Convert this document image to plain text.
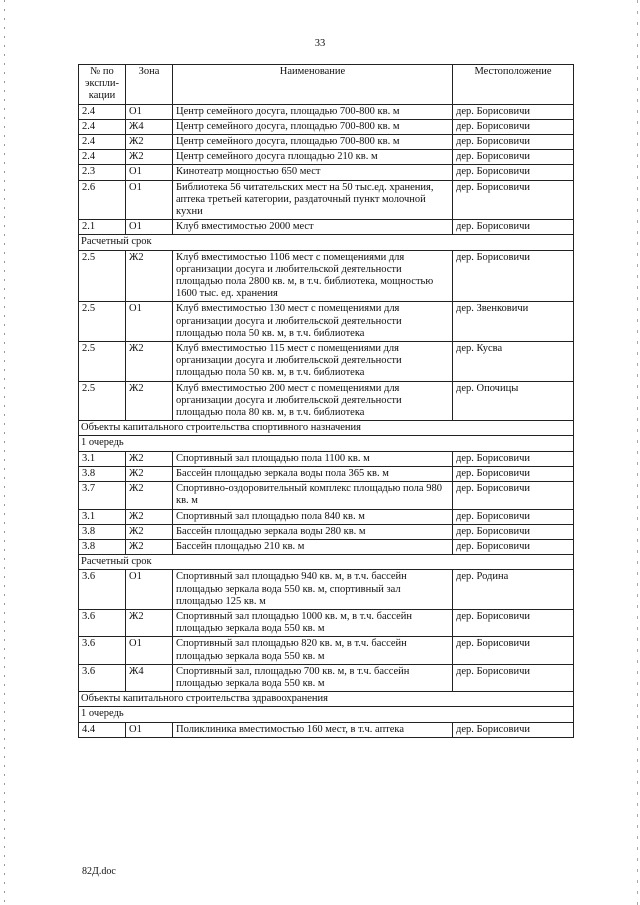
33
№ по экспли-кации	Зона	Наименование	Местоположение
2.4	О1	Центр семейного досуга, площадью 700-800 кв. м	дер. Борисовичи
2.4	Ж4	Центр семейного досуга, площадью 700-800 кв. м	дер. Борисовичи
2.4	Ж2	Центр семейного досуга, площадью 700-800 кв. м	дер. Борисовичи
2.4	Ж2	Центр семейного досуга площадью 210 кв. м	дер. Борисовичи
2.3	О1	Кинотеатр мощностью 650 мест	дер. Борисовичи
2.6	О1	Библиотека 56 читательских мест на 50 тыс.ед. хранения, аптека третьей категории, раздаточный пункт молочной кухни	дер. Борисовичи
2.1	О1	Клуб вместимостью 2000 мест	дер. Борисовичи
Расчетный срок			
2.5	Ж2	Клуб вместимостью 1106 мест с помещениями для организации досуга и любительской деятельности площадью пола 2800 кв. м, в т.ч. библиотека, мощностью 1600 тыс. ед. хранения	дер. Борисовичи
2.5	О1	Клуб вместимостью 130 мест с помещениями для организации досуга и любительской деятельности площадью пола 50 кв. м, в т.ч. библиотека	дер. Звенковичи
2.5	Ж2	Клуб вместимостью 115 мест с помещениями для организации досуга и любительской деятельности площадью пола 50 кв. м, в т.ч. библиотека	дер. Кусва
2.5	Ж2	Клуб вместимостью 200 мест с помещениями для организации досуга и любительской деятельности площадью пола 80 кв. м, в т.ч. библиотека	дер. Опочицы
Объекты капитального строительства спортивного назначения			
1 очередь			
3.1	Ж2	Спортивный зал площадью пола 1100 кв. м	дер. Борисовичи
3.8	Ж2	Бассейн площадью зеркала воды пола 365 кв. м	дер. Борисовичи
3.7	Ж2	Спортивно-оздоровительный комплекс площадью пола 980 кв. м	дер. Борисовичи
3.1	Ж2	Спортивный зал площадью пола 840 кв. м	дер. Борисовичи
3.8	Ж2	Бассейн площадью зеркала воды 280 кв. м	дер. Борисовичи
3.8	Ж2	Бассейн площадью 210 кв. м	дер. Борисовичи
Расчетный срок			
3.6	О1	Спортивный зал площадью 940 кв. м, в т.ч. бассейн площадью зеркала вода 550 кв. м, спортивный зал площадью 125 кв. м	дер. Родина
3.6	Ж2	Спортивный зал площадью 1000 кв. м, в т.ч. бассейн площадью зеркала вода 550 кв. м	дер. Борисовичи
3.6	О1	Спортивный зал площадью 820 кв. м, в т.ч. бассейн площадью зеркала вода 550 кв. м	дер. Борисовичи
3.6	Ж4	Спортивный зал, площадью 700 кв. м, в т.ч. бассейн площадью зеркала вода 550 кв. м	дер. Борисовичи
Объекты капитального строительства здравоохранения			
1 очередь			
4.4	О1	Поликлиника вместимостью 160 мест, в т.ч. аптека	дер. Борисовичи
82Д.doc
